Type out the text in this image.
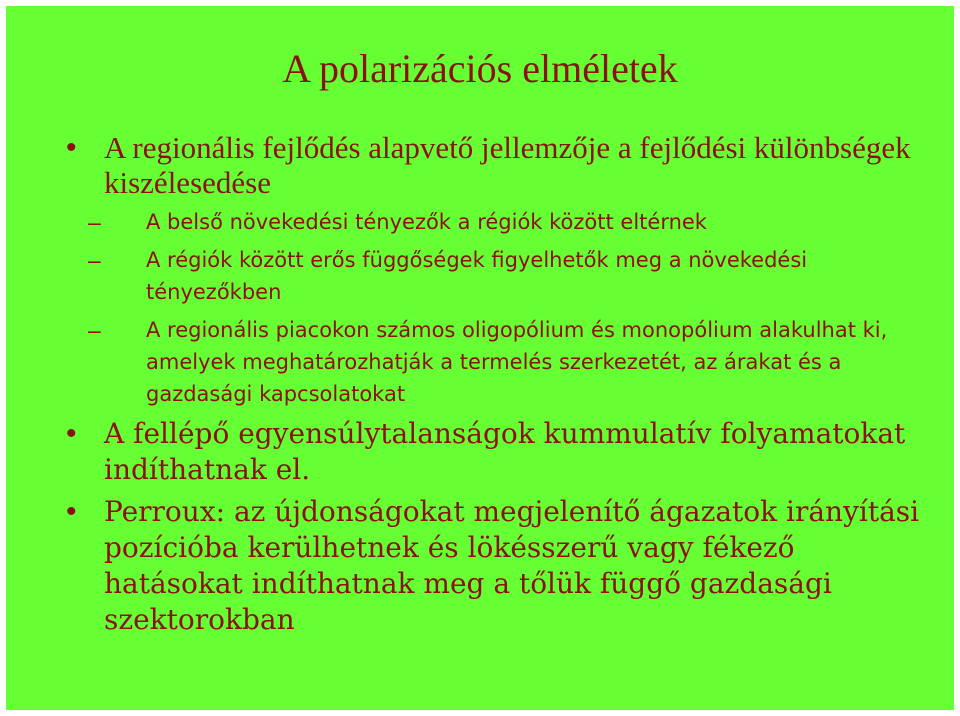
A polarizációs elméletek
• A regionális fejlődés alapvető jellemzője a fejlődési különbségek kiszélesedése
– A belső növekedési tényezők a régiók között eltérnek
– A régiók között erős függőségek figyelhetők meg a növekedési tényezőkben
– A regionális piacokon számos oligopólium és monopólium alakulhat ki, amelyek meghatározhatják a termelés szerkezetét, az árakat és a gazdasági kapcsolatokat
• A fellépő egyensúlytalanságok kummulatív folyamatokat indíthatnak el.
• Perroux: az újdonságokat megjelenítő ágazatok irányítási pozícióba kerülhetnek és lökésszerű vagy fékező hatásokat indíthatnak meg a tőlük függő gazdasági szektorokban
